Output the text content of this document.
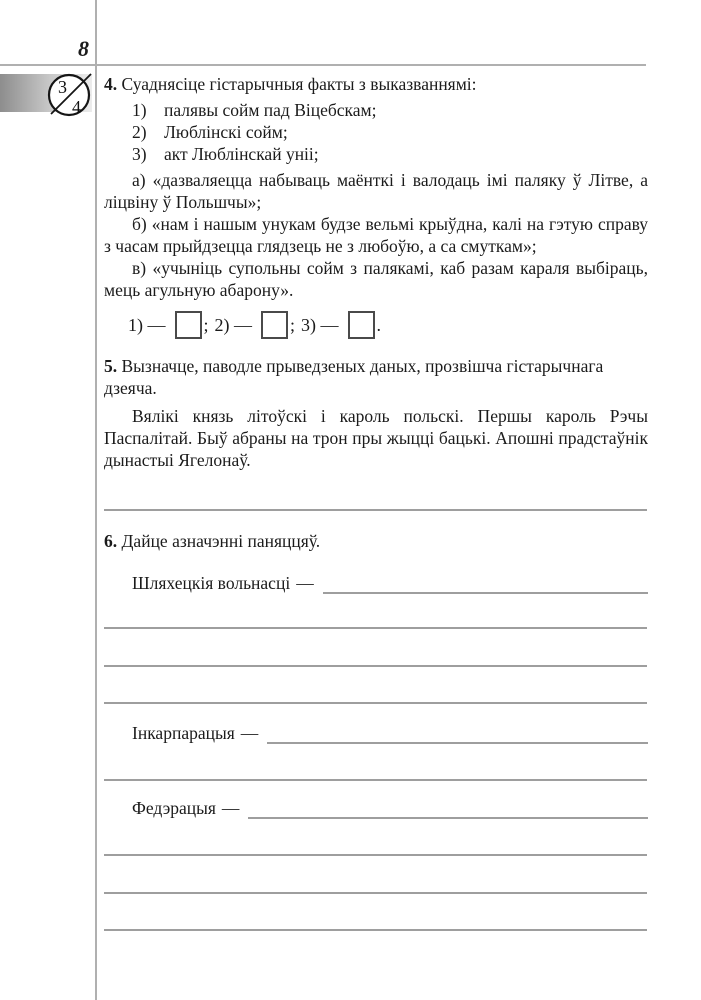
8
3
4
4. Суаднясіце гістарычныя факты з выказваннямі:
1) палявы сойм пад Віцебскам;
2) Люблінскі сойм;
3) акт Люблінскай уніі;

а) «дазваляецца набываць маёнткі і валодаць імі паляку ў Літве, а ліцвіну ў Польшчы»;

б) «нам і нашым унукам будзе вельмі крыўдна, калі на гэтую справу з часам прыйдзецца глядзець не з любоўю, а са смуткам»;

в) «учыніць супольны сойм з палякамі, каб разам караля выбіраць, мець агульную абарону».

1) — ; 2) — ; 3) — .
5. Вызначце, паводле прыведзеных даных, прозвішча гістарычнага дзеяча.

Вялікі князь літоўскі і кароль польскі. Першы кароль Рэчы Паспалітай. Быў абраны на трон пры жыцці бацькі. Апошні прадстаўнік дынастыі Ягелонаў.

6. Дайце азначэнні паняццяў.
Шляхецкія вольнасці —
Інкарпарацыя —
Федэрацыя —
